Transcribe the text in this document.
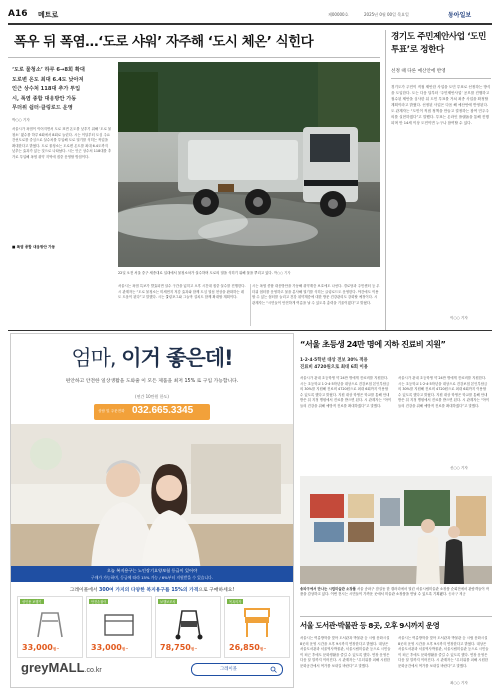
A16 메트로	제00000호	2025년 0월 00일 목요일	동아일보
폭우 뒤 폭염…‘도로 샤워’ 자주해 ‘도시 체온’ 식힌다
‘도로 물청소’ 하루 6→8회 확대
도로변 온도 최대 6.4도 낮아져
인근 상수처 118대 추가 투입
시, 폭염 종합 대응방안 가동
무더위 쉼터·클링로드 운영
박○○ 기자
서울시가 폭염이 이어지면서 도로 표면 온도를 낮추기 위해 ‘도로 물청소’ 횟수를 하루 6회에서 8회로 늘린다. 시는 이달부터 도심 주요 간선도로를 중심으로 살수차를 투입해 도로 열기를 식히는 작업을 확대한다고 밝혔다. 도로 물청소는 도로변 온도를 최대 6.4도까지 낮추는 효과가 있는 것으로 나타났다. 시는 인근 상수처 118대를 추가로 투입해 폭염 취약 지역에 집중 운영할 방침이다.
■ 폭염 종합 대응방안 가동
22일 오전 서울 중구 세종대로 일대에서 물청소차가 살수하며 도로의 열을 식히기 위해 물을 뿌리고 있다. 박○○ 기자
서울시는 폭염 특보가 발효되면 살수 구간을 넓히고 오후 시간대 집중 살수를 진행한다. 시 관계자는 “도로 물청소는 미세먼지 저감 효과와 함께 도심 열섬 현상을 완화하는 데도 도움이 된다”고 말했다. 시는 쿨링포그와 그늘막 설치도 함께 확대할 계획이다.
시는 폭염 종합 대응방안을 가동해 취약계층 보호에도 나선다. 경로당과 주민센터 등 무더위 쉼터를 운영하고 물을 분사해 열기를 식히는 클링로드도 운영한다. 야간에도 이용할 수 있는 쉼터를 늘리고 건강 취약계층에 대한 방문 건강관리도 강화할 예정이다. 시 관계자는 “시민들이 안전하게 여름을 날 수 있도록 총력을 기울이겠다”고 밝혔다.
경기도 주민제안사업 ‘도민 투표’로 정한다
선정 때 다른 예산안에 반영
경기도가 주민이 직접 제안한 사업을 도민 투표로 선정하는 방식을 도입한다. 도는 다음 달부터 ‘주민제안사업’ 공모를 진행하고 접수된 제안을 심사한 뒤 도민 투표를 거쳐 최종 사업을 확정할 계획이라고 밝혔다. 선정된 사업은 다음 해 예산안에 반영된다. 도 관계자는 “도민이 직접 정책을 만들고 결정하는 참여 민주주의를 실현하겠다”고 말했다. 투표는 온라인 플랫폼을 통해 진행되며 만 14세 이상 도민이면 누구나 참여할 수 있다.
이○○ 기자
엄마, 이거 좋은데!
편안하고 안전한 일상생활을 도와줄 이 모든 제품을 최저 15% 로 구입 가능합니다.
(연간 10만원 한도)
상담 및 주문전화 032.665.3345
오늘 복지용구는 노인장기요양보험 등급이 있어야
구매가 가능하며, 등급에 따라 15% 가능 / 6%부터 지원받을 수 있습니다.
그레이몰에서 300여 가지의 다양한 복지용구를 15%의 가격으로 구매하세요!
성인용 보행기
33,000원~
안전손잡이
33,000원~
보행보조차
78,750원~
목욕의자
26,850원~
greyMALL.co.kr	그레이몰
“서울 초등생 24만 명에 지하 진료비 지원”
1·2·4·5학년 대상 전보 30% 적용
진료비 4720원으로 최대 6회 이용
서울시가 관내 초등학생 약 24만 명에게 진료비를 지원한다. 시는 초등학교 1·2·4·5학년을 대상으로 건강보험 본인부담금의 30%를 지원해 진료비 4720원으로 최대 6회까지 이용할 수 있도록 했다고 밝혔다. 지원 대상 학생은 학교를 통해 안내받은 뒤 지정 병원에서 진료를 받으면 된다. 시 관계자는 “아이들의 건강을 위해 예방적 진료를 확대하겠다”고 말했다.
서울시가 관내 초등학생 약 24만 명에게 진료비를 지원한다. 시는 초등학교 1·2·4·5학년을 대상으로 건강보험 본인부담금의 30%를 지원해 진료비 4720원으로 최대 6회까지 이용할 수 있도록 했다고 밝혔다. 지원 대상 학생은 학교를 통해 안내받은 뒤 지정 병원에서 진료를 받으면 된다. 시 관계자는 “아이들의 건강을 위해 예방적 진료를 확대하겠다”고 말했다.
신○○ 기자
송파구에서 만나는 시립미술관 소장품 서울 송파구 잠실동 한 갤러리에서 열린 서울시립미술관 소장품 순회전에서 관람객들이 작품을 감상하고 있다. 이번 전시는 시민들이 가까운 곳에서 미술관 소장품을 만날 수 있도록 기획됐다. 송파구 제공
서울 도서관·박물관 등 8곳, 오후 9시까지 운영
서울시는 여름방학을 맞아 도서관과 박물관 등 시립 문화시설 8곳의 운영 시간을 오후 9시까지 연장한다고 밝혔다. 대상은 서울도서관과 서울역사박물관, 서울시립미술관 등으로 시민들이 퇴근 후에도 문화생활을 즐길 수 있도록 했다. 연장 운영은 다음 달 말까지 이어진다. 시 관계자는 “무더위를 피해 시원한 문화공간에서 여가를 보내길 바란다”고 말했다.
서울시는 여름방학을 맞아 도서관과 박물관 등 시립 문화시설 8곳의 운영 시간을 오후 9시까지 연장한다고 밝혔다. 대상은 서울도서관과 서울역사박물관, 서울시립미술관 등으로 시민들이 퇴근 후에도 문화생활을 즐길 수 있도록 했다. 연장 운영은 다음 달 말까지 이어진다. 시 관계자는 “무더위를 피해 시원한 문화공간에서 여가를 보내길 바란다”고 말했다.
최○○ 기자
